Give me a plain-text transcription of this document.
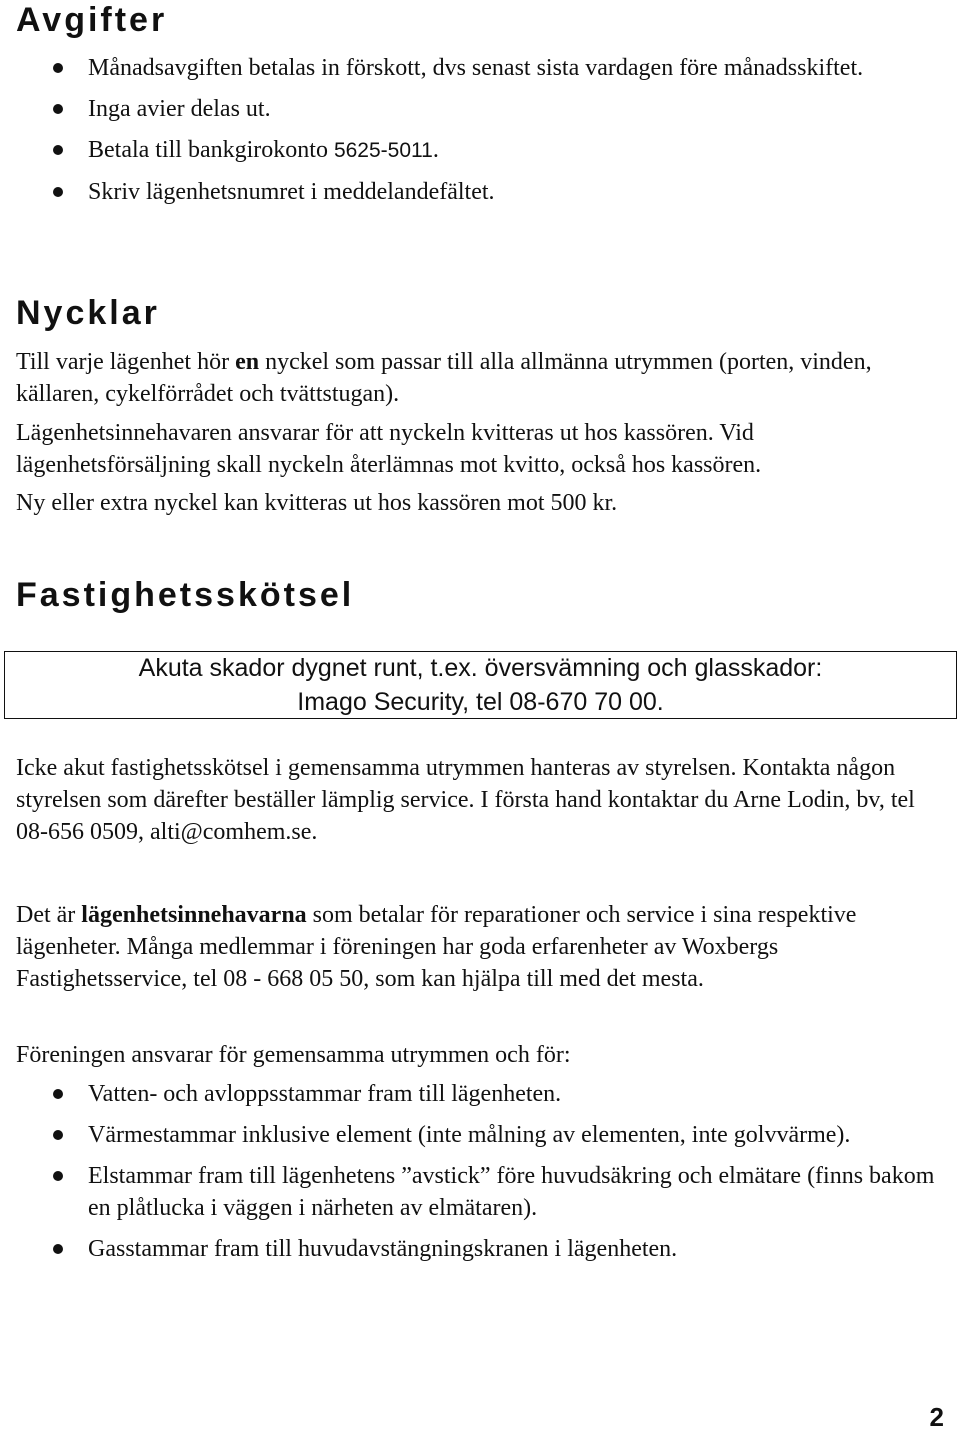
Avgifter
Månadsavgiften betalas in förskott, dvs senast sista vardagen före månadsskiftet.
Inga avier delas ut.
Betala till bankgirokonto 5625-5011.
Skriv lägenhetsnumret i meddelandefältet.
Nycklar

Till varje lägenhet hör en nyckel som passar till alla allmänna utrymmen (porten, vinden, källaren, cykelförrådet och tvättstugan).

Lägenhetsinnehavaren ansvarar för att nyckeln kvitteras ut hos kassören. Vid lägenhetsförsäljning skall nyckeln återlämnas mot kvitto, också hos kassören.

Ny eller extra nyckel kan kvitteras ut hos kassören mot 500 kr.

Fastighetsskötsel
Akuta skador dygnet runt, t.ex. översvämning och glasskador:
Imago Security, tel 08-670 70 00.

Icke akut fastighetsskötsel i gemensamma utrymmen hanteras av styrelsen. Kontakta någon styrelsen som därefter beställer lämplig service. I första hand kontaktar du Arne Lodin, bv, tel 08-656 0509, alti@comhem.se.

Det är lägenhetsinnehavarna som betalar för reparationer och service i sina respektive lägenheter. Många medlemmar i föreningen har goda erfarenheter av Woxbergs Fastighetsservice, tel 08 - 668 05 50, som kan hjälpa till med det mesta.

Föreningen ansvarar för gemensamma utrymmen och för:

Vatten- och avloppsstammar fram till lägenheten.
Värmestammar inklusive element (inte målning av elementen, inte golvvärme).
Elstammar fram till lägenhetens ”avstick” före huvudsäkring och elmätare (finns bakom en plåtlucka i väggen i närheten av elmätaren).
Gasstammar fram till huvudavstängningskranen i lägenheten.
2
